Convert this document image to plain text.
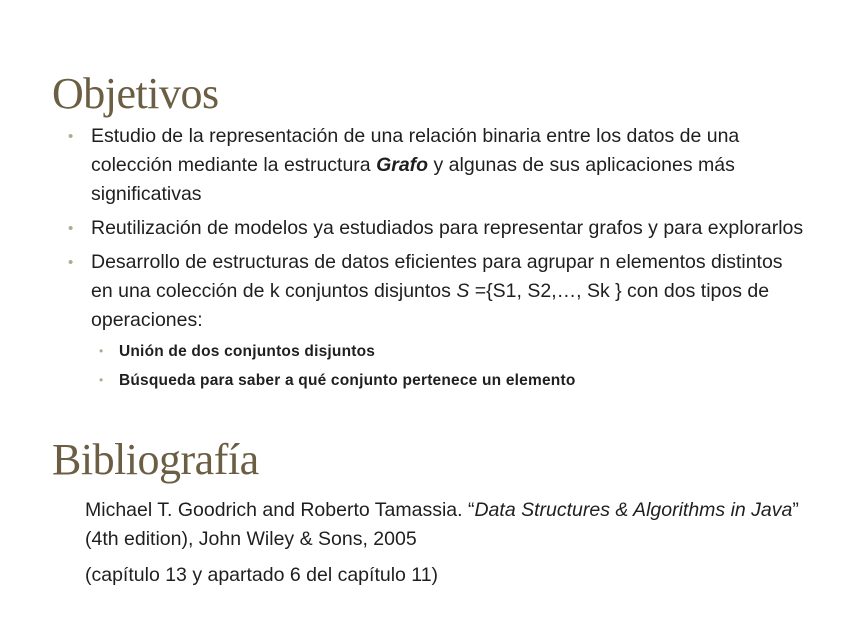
Objetivos
• Estudio de la representación de una relación binaria entre los datos de una colección mediante la estructura Grafo y algunas de sus aplicaciones más significativas
• Reutilización de modelos ya estudiados para representar grafos y para explorarlos
• Desarrollo de estructuras de datos eficientes para agrupar n elementos distintos en una colección de k conjuntos disjuntos S ={S1, S2,…, Sk } con dos tipos de operaciones:
• Unión de dos conjuntos disjuntos
• Búsqueda para saber a qué conjunto pertenece un elemento
Bibliografía

Michael T. Goodrich and Roberto Tamassia. “Data Structures & Algorithms in Java” (4th edition), John Wiley & Sons, 2005

(capítulo 13 y apartado 6 del capítulo 11)
